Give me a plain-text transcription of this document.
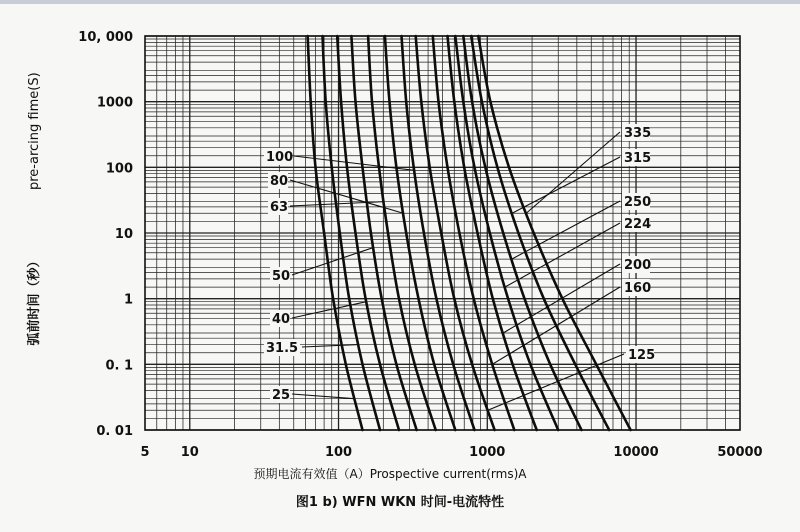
100
80
63
50
40
31.5
25
335
315
250
224
200
160
125
5 10	100	1000	10000	50000
10, 000
1000
100
10
1
0. 1
0. 01
预期电流有效值（A）Prospective current(rms)A
弧前时间（秒）
pre-arcing fime(S)
图1 b) WFN WKN 时间-电流特性
